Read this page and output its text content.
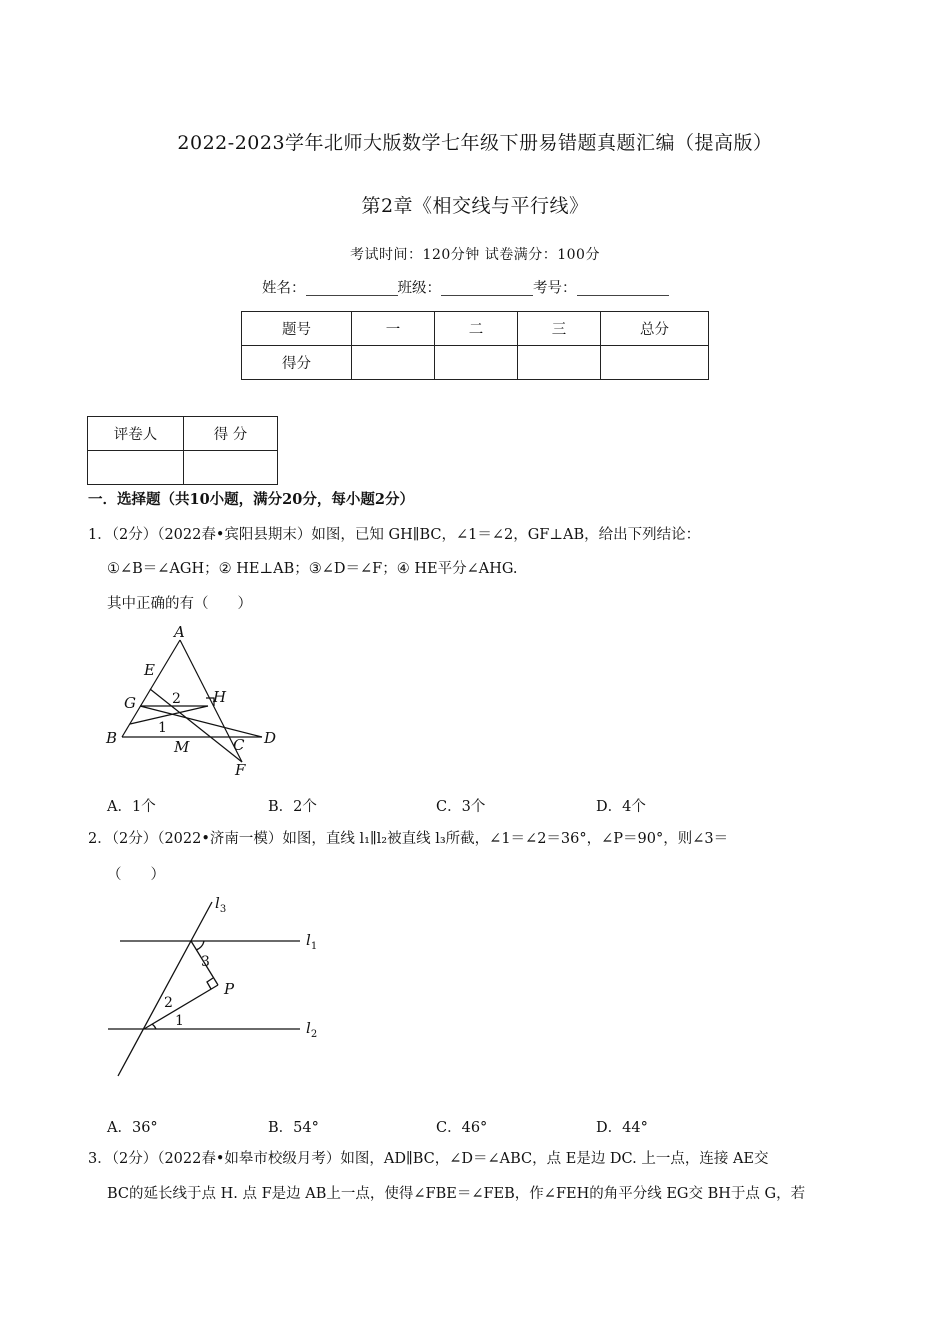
2022-2023学年北师大版数学七年级下册易错题真题汇编（提高版）
第2章《相交线与平行线》
考试时间：120分钟 试卷满分：100分
姓名：	班级：	考号：
题号	一	二	三	总分
得分				
评卷人	得 分

一．选择题（共10小题，满分20分，每小题2分）
1．（2分）（2022春•宾阳县期末）如图，已知 GH∥BC，∠1＝∠2，GF⊥AB，给出下列结论：
①∠B＝∠AGH；② HE⊥AB；③∠D＝∠F；④ HE平分∠AHG.
其中正确的有（　　）
A
E
G	H
B	M	C D
F
2
1
A．1个	B．2个	C．3个	D．4个
2．（2分）（2022•济南一模）如图，直线 l₁∥l₂被直线 l₃所截，∠1＝∠2＝36°，∠P＝90°，则∠3＝
（　　）
$l_1$
$l_2$
$l_3$
P
1
2
3
A．36°	B．54°	C．46°	D．44°
3．（2分）（2022春•如皋市校级月考）如图，AD∥BC，∠D＝∠ABC，点 E是边 DC. 上一点，连接 AE交
BC的延长线于点 H. 点 F是边 AB上一点，使得∠FBE＝∠FEB，作∠FEH的角平分线 EG交 BH于点 G，若
